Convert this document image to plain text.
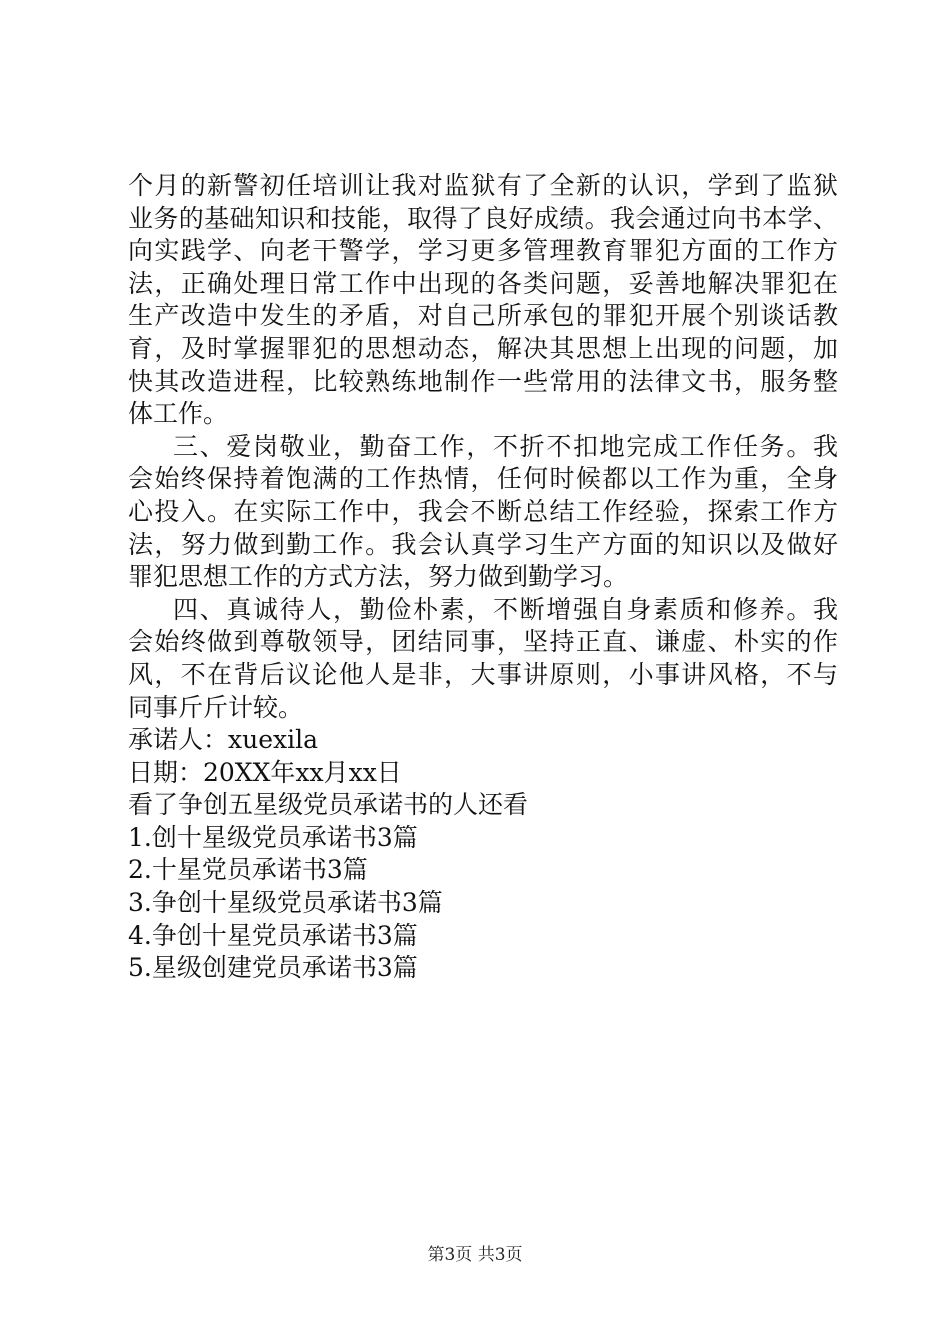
个月的新警初任培训让我对监狱有了全新的认识，学到了监狱
业务的基础知识和技能，取得了良好成绩。我会通过向书本学、
向实践学、向老干警学，学习更多管理教育罪犯方面的工作方
法，正确处理日常工作中出现的各类问题，妥善地解决罪犯在
生产改造中发生的矛盾，对自己所承包的罪犯开展个别谈话教
育，及时掌握罪犯的思想动态，解决其思想上出现的问题，加
快其改造进程，比较熟练地制作一些常用的法律文书，服务整
体工作。

三、爱岗敬业，勤奋工作，不折不扣地完成工作任务。我
会始终保持着饱满的工作热情，任何时候都以工作为重，全身
心投入。在实际工作中，我会不断总结工作经验，探索工作方
法，努力做到勤工作。我会认真学习生产方面的知识以及做好
罪犯思想工作的方式方法，努力做到勤学习。

四、真诚待人，勤俭朴素，不断增强自身素质和修养。我
会始终做到尊敬领导，团结同事，坚持正直、谦虚、朴实的作
风，不在背后议论他人是非，大事讲原则，小事讲风格，不与
同事斤斤计较。

承诺人：xuexila

日期：20XX年xx月xx日

看了争创五星级党员承诺书的人还看

1.创十星级党员承诺书3篇

2.十星党员承诺书3篇

3.争创十星级党员承诺书3篇

4.争创十星党员承诺书3篇

5.星级创建党员承诺书3篇

第3页 共3页
